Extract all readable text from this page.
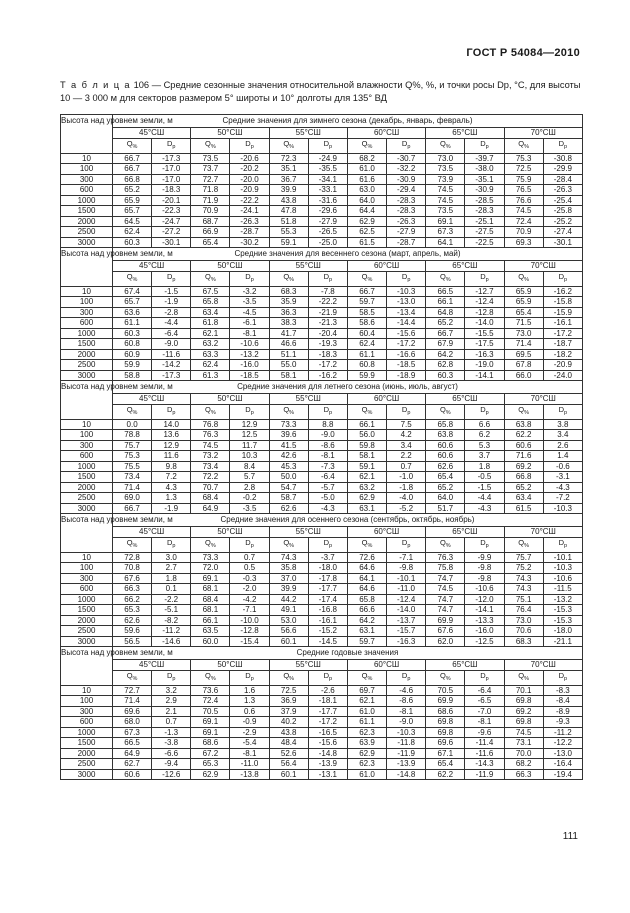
ГОСТ Р 54084—2010
Т а б л и ц а 106 — Средние сезонные значения относительной влажности Q%, %, и точки росы Dр, °С, для высоты 10 — 3 000 м для секторов размером 5° широты и 10° долготы для 135° ВД
Высота над уровнем земли, м	Средние значения для зимнего сезона (декабрь, январь, февраль)											
	45°СШ		50°СШ		55°СШ		60°СШ		65°СШ		70°СШ	
	$Q_{\%}$	$D_р$	$Q_{\%}$	$D_р$	$Q_{\%}$	$D_р$	$Q_{\%}$	$D_р$	$Q_{\%}$	$D_р$	$Q_{\%}$	$D_р$
10	66.7	-17.3	73.5	-20.6	72.3	-24.9	68.2	-30.7	73.0	-39.7	75.3	-30.8
100	66.7	-17.0	73.7	-20.2	35.1	-35.5	61.0	-32.2	73.5	-38.0	72.5	-29.9
300	66.8	-17.0	72.7	-20.0	36.7	-34.1	61.6	-30.9	73.9	-35.1	75.9	-28.4
600	65.2	-18.3	71.8	-20.9	39.9	-33.1	63.0	-29.4	74.5	-30.9	76.5	-26.3
1000	65.9	-20.1	71.9	-22.2	43.8	-31.6	64.0	-28.3	74.5	-28.5	76.6	-25.4
1500	65.7	-22.3	70.9	-24.1	47.8	-29.6	64.4	-28.3	73.5	-28.3	74.5	-25.8
2000	64.5	-24.7	68.7	-26.3	51.8	-27.9	62.9	-26.3	69.1	-25.1	72.4	-25.2
2500	62.4	-27.2	66.9	-28.7	55.3	-26.5	62.5	-27.9	67.3	-27.5	70.9	-27.4
3000	60.3	-30.1	65.4	-30.2	59.1	-25.0	61.5	-28.7	64.1	-22.5	69.3	-30.1
Высота над уровнем земли, м	Средние значения для весеннего сезона (март, апрель, май)											
	45°СШ		50°СШ		55°СШ		60°СШ		65°СШ		70°СШ	
	$Q_{\%}$	$D_р$	$Q_{\%}$	$D_р$	$Q_{\%}$	$D_р$	$Q_{\%}$	$D_р$	$Q_{\%}$	$D_р$	$Q_{\%}$	$D_р$
10	67.4	-1.5	67.5	-3.2	68.3	-7.8	66.7	-10.3	66.5	-12.7	65.9	-16.2
100	65.7	-1.9	65.8	-3.5	35.9	-22.2	59.7	-13.0	66.1	-12.4	65.9	-15.8
300	63.6	-2.8	63.4	-4.5	36.3	-21.9	58.5	-13.4	64.8	-12.8	65.4	-15.9
600	61.1	-4.4	61.8	-6.1	38.3	-21.3	58.6	-14.4	65.2	-14.0	71.5	-16.1
1000	60.3	-6.4	62.1	-8.1	41.7	-20.4	60.4	-15.6	66.7	-15.5	73.0	-17.2
1500	60.8	-9.0	63.2	-10.6	46.6	-19.3	62.4	-17.2	67.9	-17.5	71.4	-18.7
2000	60.9	-11.6	63.3	-13.2	51.1	-18.3	61.1	-16.6	64.2	-16.3	69.5	-18.2
2500	59.9	-14.2	62.4	-16.0	55.0	-17.2	60.8	-18.5	62.8	-19.0	67.8	-20.9
3000	58.8	-17.3	61.3	-18.5	58.1	-16.2	59.9	-18.9	60.3	-14.1	66.0	-24.0
Высота над уровнем земли, м	Средние значения для летнего сезона (июнь, июль, август)											
	45°СШ		50°СШ		55°СШ		60°СШ		65°СШ		70°СШ	
	$Q_{\%}$	$D_р$	$Q_{\%}$	$D_р$	$Q_{\%}$	$D_р$	$Q_{\%}$	$D_р$	$Q_{\%}$	$D_р$	$Q_{\%}$	$D_р$
10	0.0	14.0	76.8	12.9	73.3	8.8	66.1	7.5	65.8	6.6	63.8	3.8
100	78.8	13.6	76.3	12.5	39.6	-9.0	56.0	4.2	63.8	6.2	62.2	3.4
300	75.7	12.9	74.5	11.7	41.5	-8.6	59.8	3.4	60.6	5.3	60.6	2.6
600	75.3	11.6	73.2	10.3	42.6	-8.1	58.1	2.2	60.6	3.7	71.6	1.4
1000	75.5	9.8	73.4	8.4	45.3	-7.3	59.1	0.7	62.6	1.8	69.2	-0.6
1500	73.4	7.2	72.2	5.7	50.0	-6.4	62.1	-1.0	65.4	-0.5	66.8	-3.1
2000	71.4	4.3	70.7	2.8	54.7	-5.7	63.2	-1.8	65.2	-1.5	65.2	-4.3
2500	69.0	1.3	68.4	-0.2	58.7	-5.0	62.9	-4.0	64.0	-4.4	63.4	-7.2
3000	66.7	-1.9	64.9	-3.5	62.6	-4.3	63.1	-5.2	51.7	-4.3	61.5	-10.3
Высота над уровнем земли, м	Средние значения для осеннего сезона (сентябрь, октябрь, ноябрь)											
	45°СШ		50°СШ		55°СШ		60°СШ		65°СШ		70°СШ	
	$Q_{\%}$	$D_р$	$Q_{\%}$	$D_р$	$Q_{\%}$	$D_р$	$Q_{\%}$	$D_р$	$Q_{\%}$	$D_р$	$Q_{\%}$	$D_р$
10	72.8	3.0	73.3	0.7	74.3	-3.7	72.6	-7.1	76.3	-9.9	75.7	-10.1
100	70.8	2.7	72.0	0.5	35.8	-18.0	64.6	-9.8	75.8	-9.8	75.2	-10.3
300	67.6	1.8	69.1	-0.3	37.0	-17.8	64.1	-10.1	74.7	-9.8	74.3	-10.6
600	66.3	0.1	68.1	-2.0	39.9	-17.7	64.6	-11.0	74.5	-10.6	74.3	-11.5
1000	66.2	-2.2	68.4	-4.2	44.2	-17.4	65.8	-12.4	74.7	-12.0	75.1	-13.2
1500	65.3	-5.1	68.1	-7.1	49.1	-16.8	66.6	-14.0	74.7	-14.1	76.4	-15.3
2000	62.6	-8.2	66.1	-10.0	53.0	-16.1	64.2	-13.7	69.9	-13.3	73.0	-15.3
2500	59.6	-11.2	63.5	-12.8	56.6	-15.2	63.1	-15.7	67.6	-16.0	70.6	-18.0
3000	56.5	-14.6	60.0	-15.4	60.1	-14.5	59.7	-16.3	62.0	-12.5	68.3	-21.1
Высота над уровнем земли, м	Средние годовые значения											
	45°СШ		50°СШ		55°СШ		60°СШ		65°СШ		70°СШ	
	$Q_{\%}$	$D_р$	$Q_{\%}$	$D_р$	$Q_{\%}$	$D_р$	$Q_{\%}$	$D_р$	$Q_{\%}$	$D_р$	$Q_{\%}$	$D_р$
10	72.7	3.2	73.6	1.6	72.5	-2.6	69.7	-4.6	70.5	-6.4	70.1	-8.3
100	71.4	2.9	72.4	1.3	36.9	-18.1	62.1	-8.6	69.9	-6.5	69.8	-8.4
300	69.6	2.1	70.5	0.6	37.9	-17.7	61.0	-8.1	68.6	-7.0	69.2	-8.9
600	68.0	0.7	69.1	-0.9	40.2	-17.2	61.1	-9.0	69.8	-8.1	69.8	-9.3
1000	67.3	-1.3	69.1	-2.9	43.8	-16.5	62.3	-10.3	69.8	-9.6	74.5	-11.2
1500	66.5	-3.8	68.6	-5.4	48.4	-15.6	63.9	-11.8	69.6	-11.4	73.1	-12.2
2000	64.9	-6.6	67.2	-8.1	52.6	-14.8	62.9	-11.9	67.1	-11.6	70.0	-13.0
2500	62.7	-9.4	65.3	-11.0	56.4	-13.9	62.3	-13.9	65.4	-14.3	68.2	-16.4
3000	60.6	-12.6	62.9	-13.8	60.1	-13.1	61.0	-14.8	62.2	-11.9	66.3	-19.4
111
